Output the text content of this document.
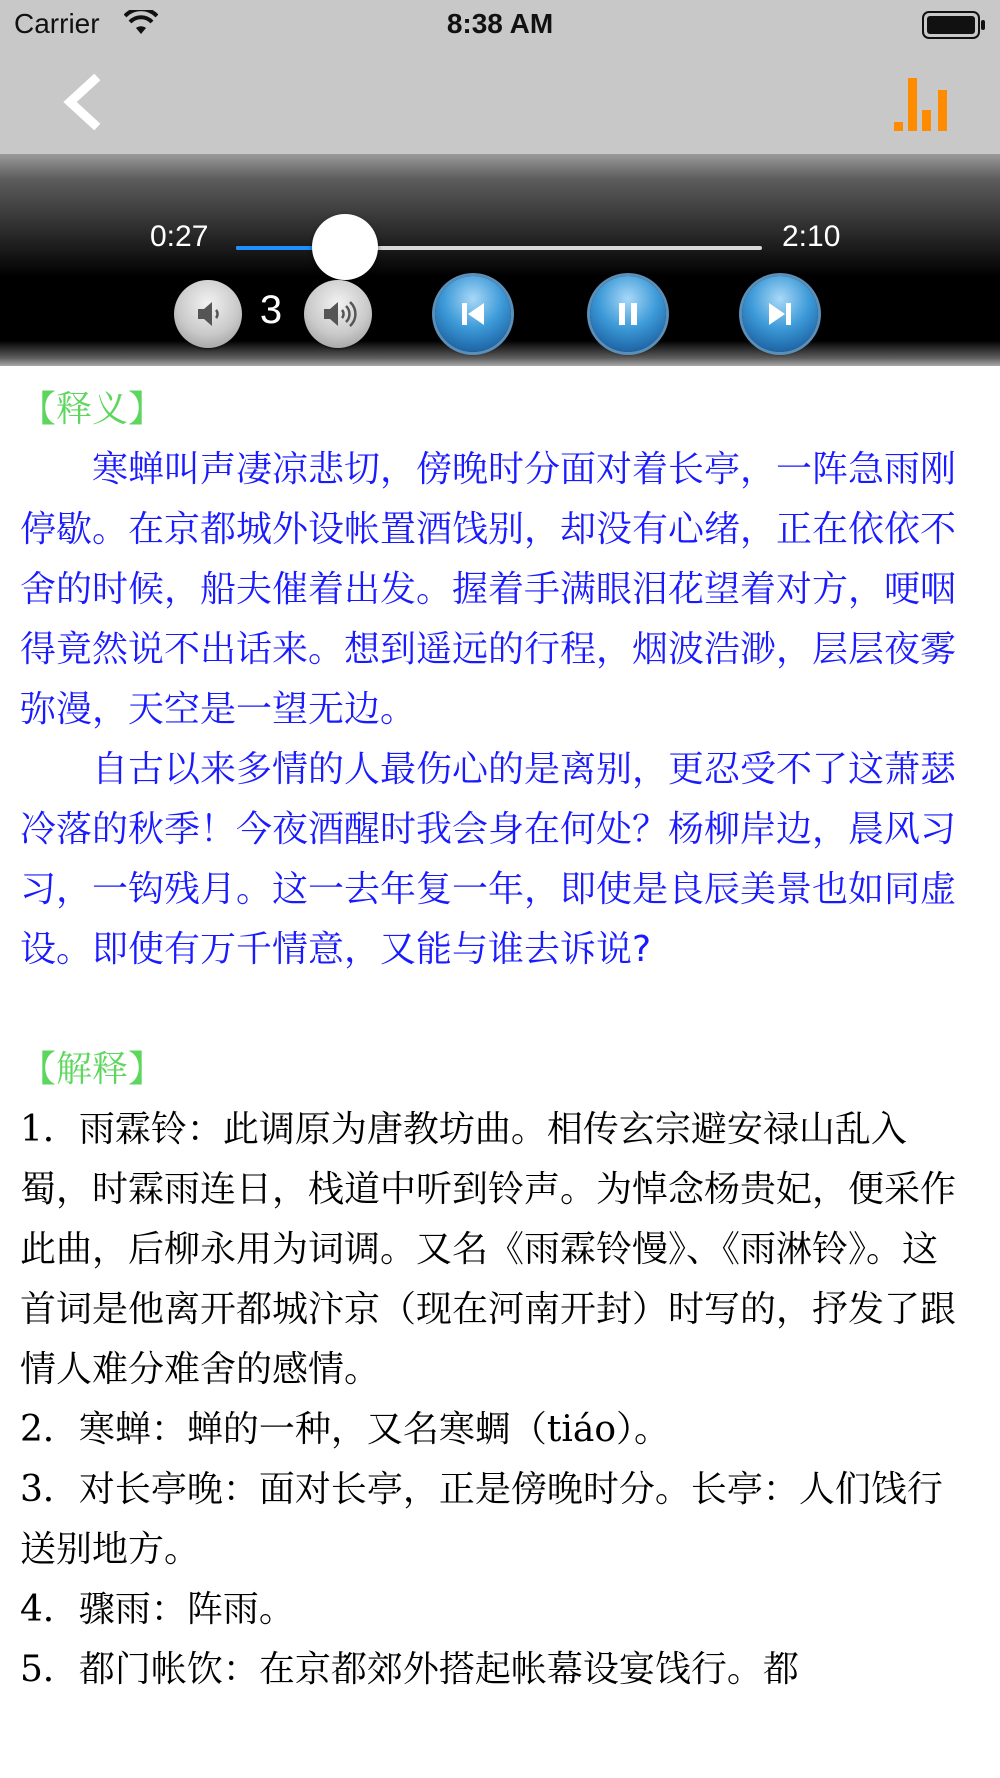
Carrier	8:38 AM
0:27	2:10
3

【释义】

寒蝉叫声凄凉悲切，傍晚时分面对着长亭，一阵急雨刚停歇。在京都城外设帐置酒饯别，却没有心绪，正在依依不舍的时候，船夫催着出发。握着手满眼泪花望着对方，哽咽得竟然说不出话来。想到遥远的行程，烟波浩渺，层层夜雾弥漫，天空是一望无边。

自古以来多情的人最伤心的是离别，更忍受不了这萧瑟冷落的秋季！今夜酒醒时我会身在何处？杨柳岸边，晨风习习，一钩残月。这一去年复一年，即使是良辰美景也如同虚设。即使有万千情意，又能与谁去诉说?

【解释】

1．雨霖铃：此调原为唐教坊曲。相传玄宗避安禄山乱入蜀，时霖雨连日，栈道中听到铃声。为悼念杨贵妃，便采作此曲，后柳永用为词调。又名《雨霖铃慢》、《雨淋铃》。这首词是他离开都城汴京（现在河南开封）时写的，抒发了跟情人难分难舍的感情。

2．寒蝉：蝉的一种，又名寒蜩（tiáo）。

3．对长亭晚：面对长亭，正是傍晚时分。长亭：人们饯行送别地方。

4．骤雨：阵雨。

5．都门帐饮：在京都郊外搭起帐幕设宴饯行。都
